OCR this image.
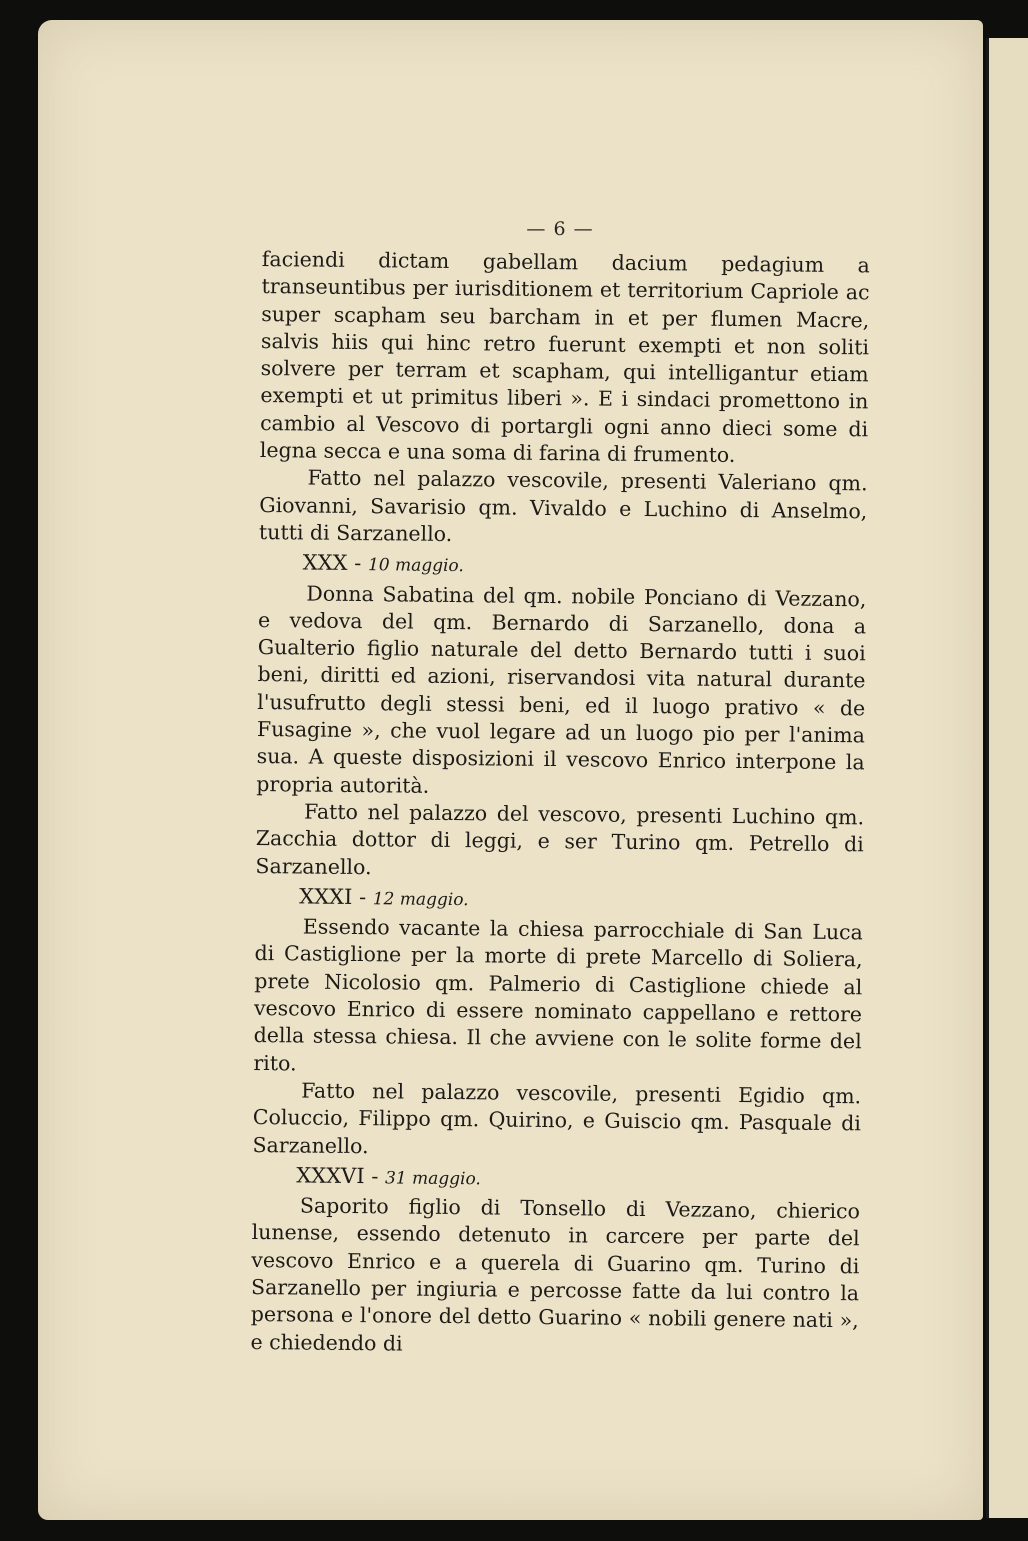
— 6 —

faciendi dictam gabellam dacium pedagium a transeuntibus per iurisditionem et territorium Capriole ac super scapham seu barcham in et per flumen Macre, salvis hiis qui hinc retro fuerunt exempti et non soliti solvere per terram et scapham, qui intelligantur etiam exempti et ut primitus liberi ». E i sindaci promettono in cambio al Vescovo di portargli ogni anno dieci some di legna secca e una soma di farina di frumento.

Fatto nel palazzo vescovile, presenti Valeriano qm. Giovanni, Savarisio qm. Vivaldo e Luchino di Anselmo, tutti di Sarzanello.

XXX - 10 maggio.

Donna Sabatina del qm. nobile Ponciano di Vezzano, e vedova del qm. Bernardo di Sarzanello, dona a Gualterio figlio naturale del detto Bernardo tutti i suoi beni, diritti ed azioni, riservandosi vita natural durante l'usufrutto degli stessi beni, ed il luogo prativo « de Fusagine », che vuol legare ad un luogo pio per l'anima sua. A queste disposizioni il vescovo Enrico interpone la propria autorità.

Fatto nel palazzo del vescovo, presenti Luchino qm. Zacchia dottor di leggi, e ser Turino qm. Petrello di Sarzanello.

XXXI - 12 maggio.

Essendo vacante la chiesa parrocchiale di San Luca di Castiglione per la morte di prete Marcello di Soliera, prete Nicolosio qm. Palmerio di Castiglione chiede al vescovo Enrico di essere nominato cappellano e rettore della stessa chiesa. Il che avviene con le solite forme del rito.

Fatto nel palazzo vescovile, presenti Egidio qm. Coluccio, Filippo qm. Quirino, e Guiscio qm. Pasquale di Sarzanello.

XXXVI - 31 maggio.

Saporito figlio di Tonsello di Vezzano, chierico lunense, essendo detenuto in carcere per parte del vescovo Enrico e a querela di Guarino qm. Turino di Sarzanello per ingiuria e percosse fatte da lui contro la persona e l'onore del detto Guarino « nobili genere nati », e chiedendo di
